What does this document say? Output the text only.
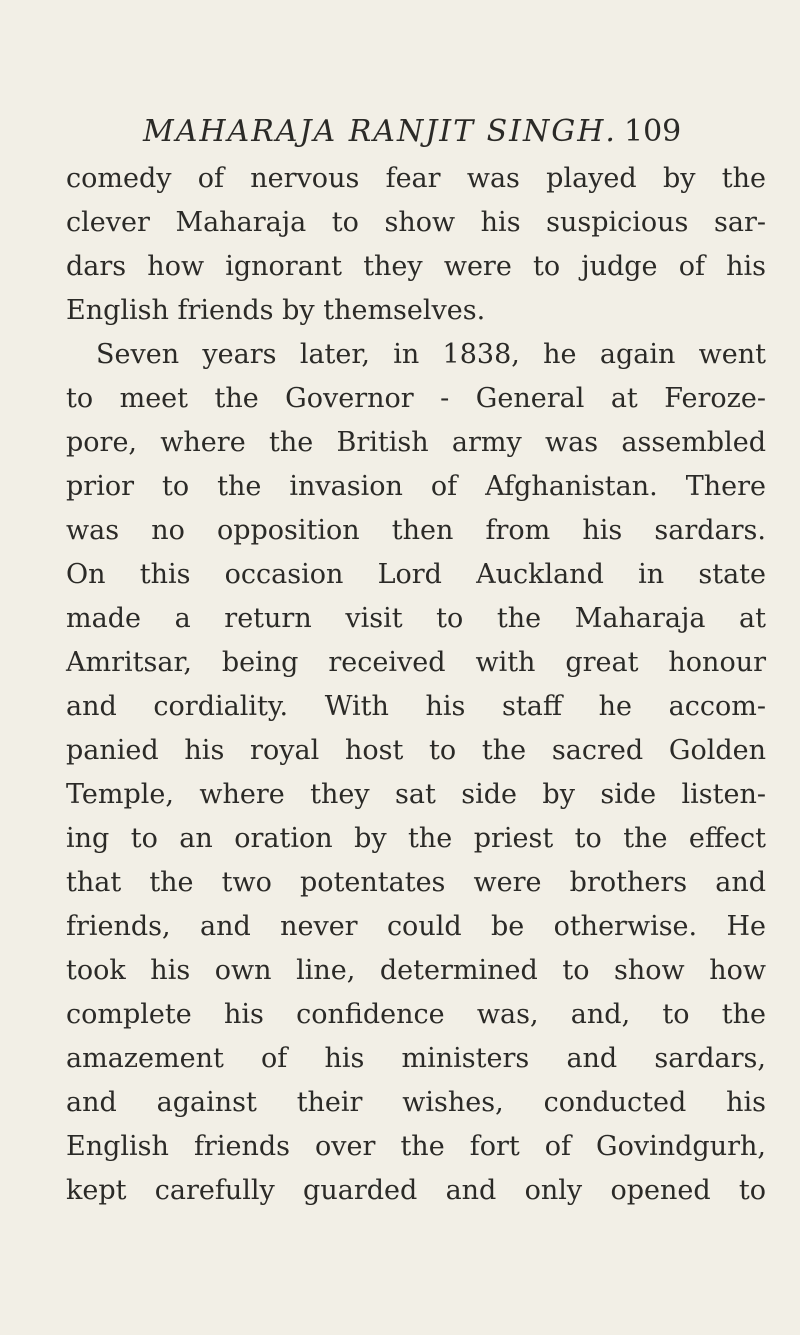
MAHARAJA RANJIT SINGH. 109
comedy of nervous fear was played by the
clever Maharaja to show his suspicious sar-
dars how ignorant they were to judge of his
English friends by themselves.
Seven years later, in 1838, he again went
to meet the Governor - General at Feroze-
pore, where the British army was assembled
prior to the invasion of Afghanistan. There
was no opposition then from his sardars.
On this occasion Lord Auckland in state
made a return visit to the Maharaja at
Amritsar, being received with great honour
and cordiality. With his staff he accom-
panied his royal host to the sacred Golden
Temple, where they sat side by side listen-
ing to an oration by the priest to the effect
that the two potentates were brothers and
friends, and never could be otherwise. He
took his own line, determined to show how
complete his confidence was, and, to the
amazement of his ministers and sardars,
and against their wishes, conducted his
English friends over the fort of Govindgurh,
kept carefully guarded and only opened to
